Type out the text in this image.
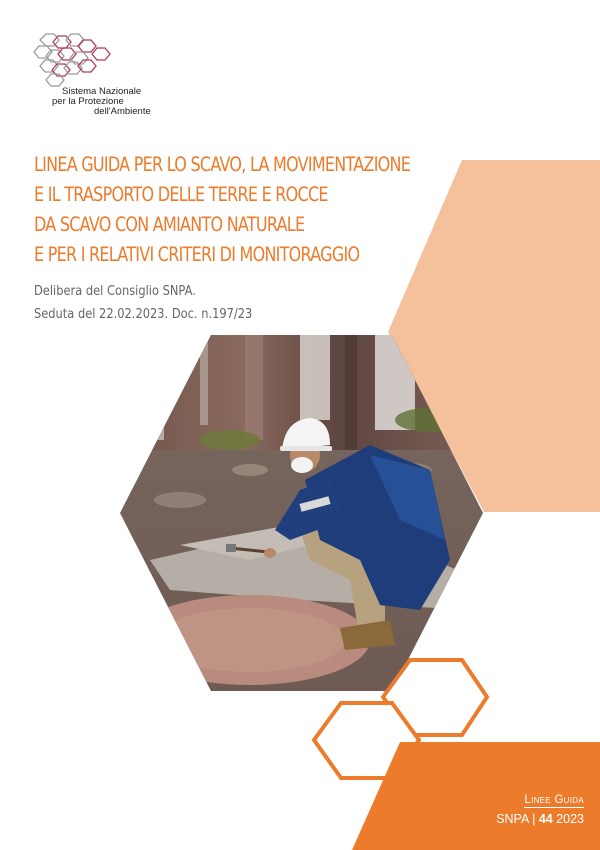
Sistema Nazionale
per la Protezione
dell'Ambiente
LINEA GUIDA PER LO SCAVO, LA MOVIMENTAZIONE
E IL TRASPORTO DELLE TERRE E ROCCE
DA SCAVO CON AMIANTO NATURALE
E PER I RELATIVI CRITERI DI MONITORAGGIO
Delibera del Consiglio SNPA.
Seduta del 22.02.2023. Doc. n.197/23
Linee Guida
SNPA | 44 2023
